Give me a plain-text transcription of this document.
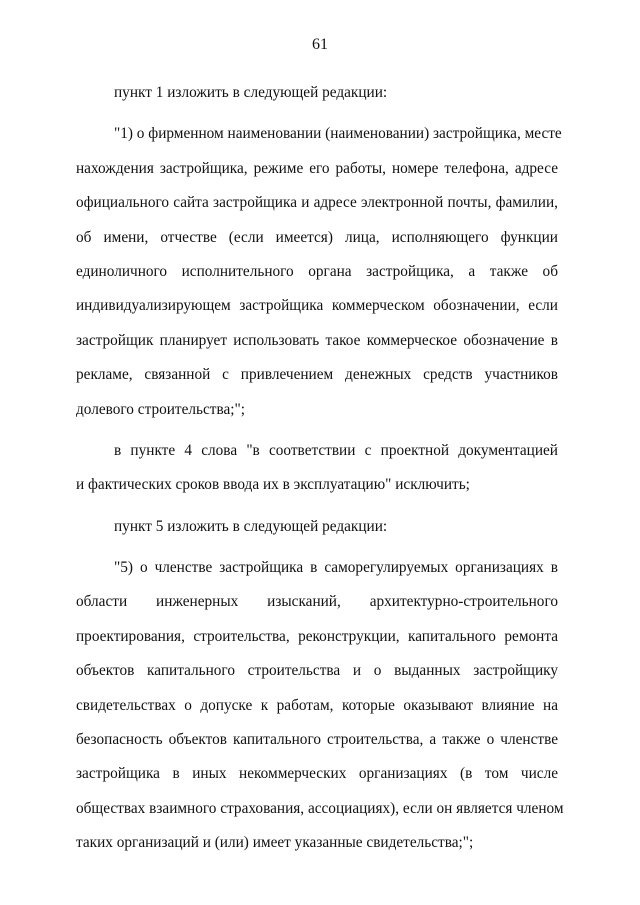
61
пункт 1 изложить в следующей редакции:
"1) о фирменном наименовании (наименовании) застройщика, месте
нахождения застройщика, режиме его работы, номере телефона, адресе
официального сайта застройщика и адресе электронной почты, фамилии,
об имени, отчестве (если имеется) лица, исполняющего функции
единоличного исполнительного органа застройщика, а также об
индивидуализирующем застройщика коммерческом обозначении, если
застройщик планирует использовать такое коммерческое обозначение в
рекламе, связанной с привлечением денежных средств участников
долевого строительства;";
в пункте 4 слова "в соответствии с проектной документацией
и фактических сроков ввода их в эксплуатацию" исключить;
пункт 5 изложить в следующей редакции:
"5) о членстве застройщика в саморегулируемых организациях в
области инженерных изысканий, архитектурно-строительного
проектирования, строительства, реконструкции, капитального ремонта
объектов капитального строительства и о выданных застройщику
свидетельствах о допуске к работам, которые оказывают влияние на
безопасность объектов капитального строительства, а также о членстве
застройщика в иных некоммерческих организациях (в том числе
обществах взаимного страхования, ассоциациях), если он является членом
таких организаций и (или) имеет указанные свидетельства;";
